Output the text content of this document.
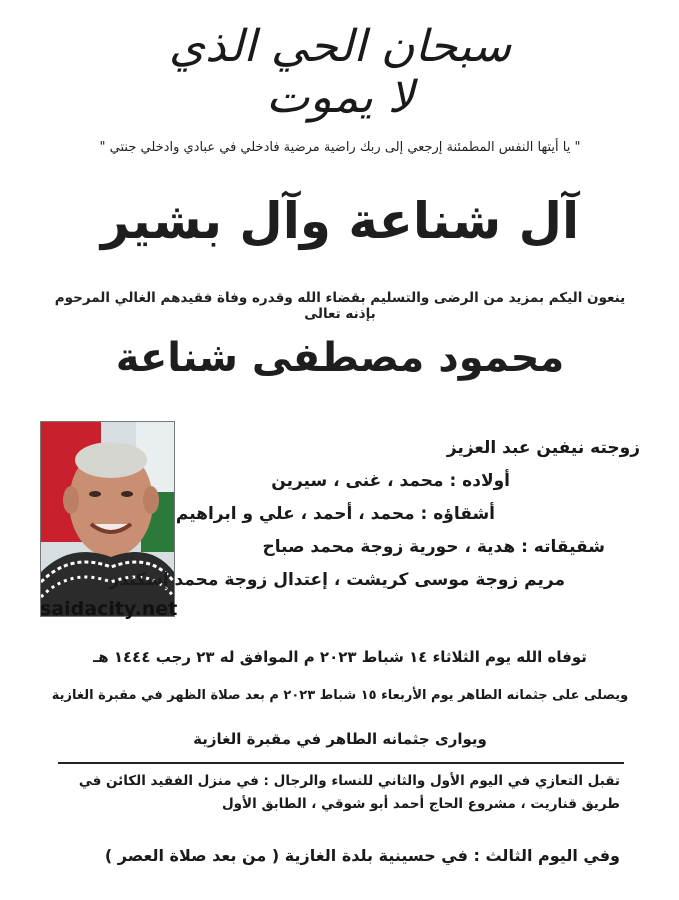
سبحان الحي الذي لا يموت
" يا أيتها النفس المطمئنة إرجعي إلى ربك راضية مرضية فادخلي في عبادي وادخلي جنتي "
آل شناعة وآل بشير
ينعون اليكم بمزيد من الرضى والتسليم بقضاء الله وقدره وفاة فقيدهم الغالي المرحوم بإذنه تعالى
محمود مصطفى شناعة
saidacity.net
زوجته نيفين عبد العزيز
أولاده : محمد ، غنى ، سيرين
أشقاؤه : محمد ، أحمد ، علي و ابراهيم
شقيقاته : هدية ، حورية زوجة محمد صباح
مريم زوجة موسى كريشت ، إعتدال زوجة محمد إسكندر
توفاه الله يوم الثلاثاء ١٤ شباط ٢٠٢٣ م الموافق له ٢٣ رجب ١٤٤٤ هـ
ويصلى على جثمانه الطاهر يوم الأربعاء ١٥ شباط ٢٠٢٣ م بعد صلاة الظهر في مقبرة الغازية
ويوارى جثمانه الطاهر في مقبرة الغازية
تقبل التعازي في اليوم الأول والثاني للنساء والرجال : في منزل الفقيد الكائن في
طريق قناريت ، مشروع الحاج أحمد أبو شوقي ، الطابق الأول
وفي اليوم الثالث : في حسينية بلدة الغازية ( من بعد صلاة العصر )
